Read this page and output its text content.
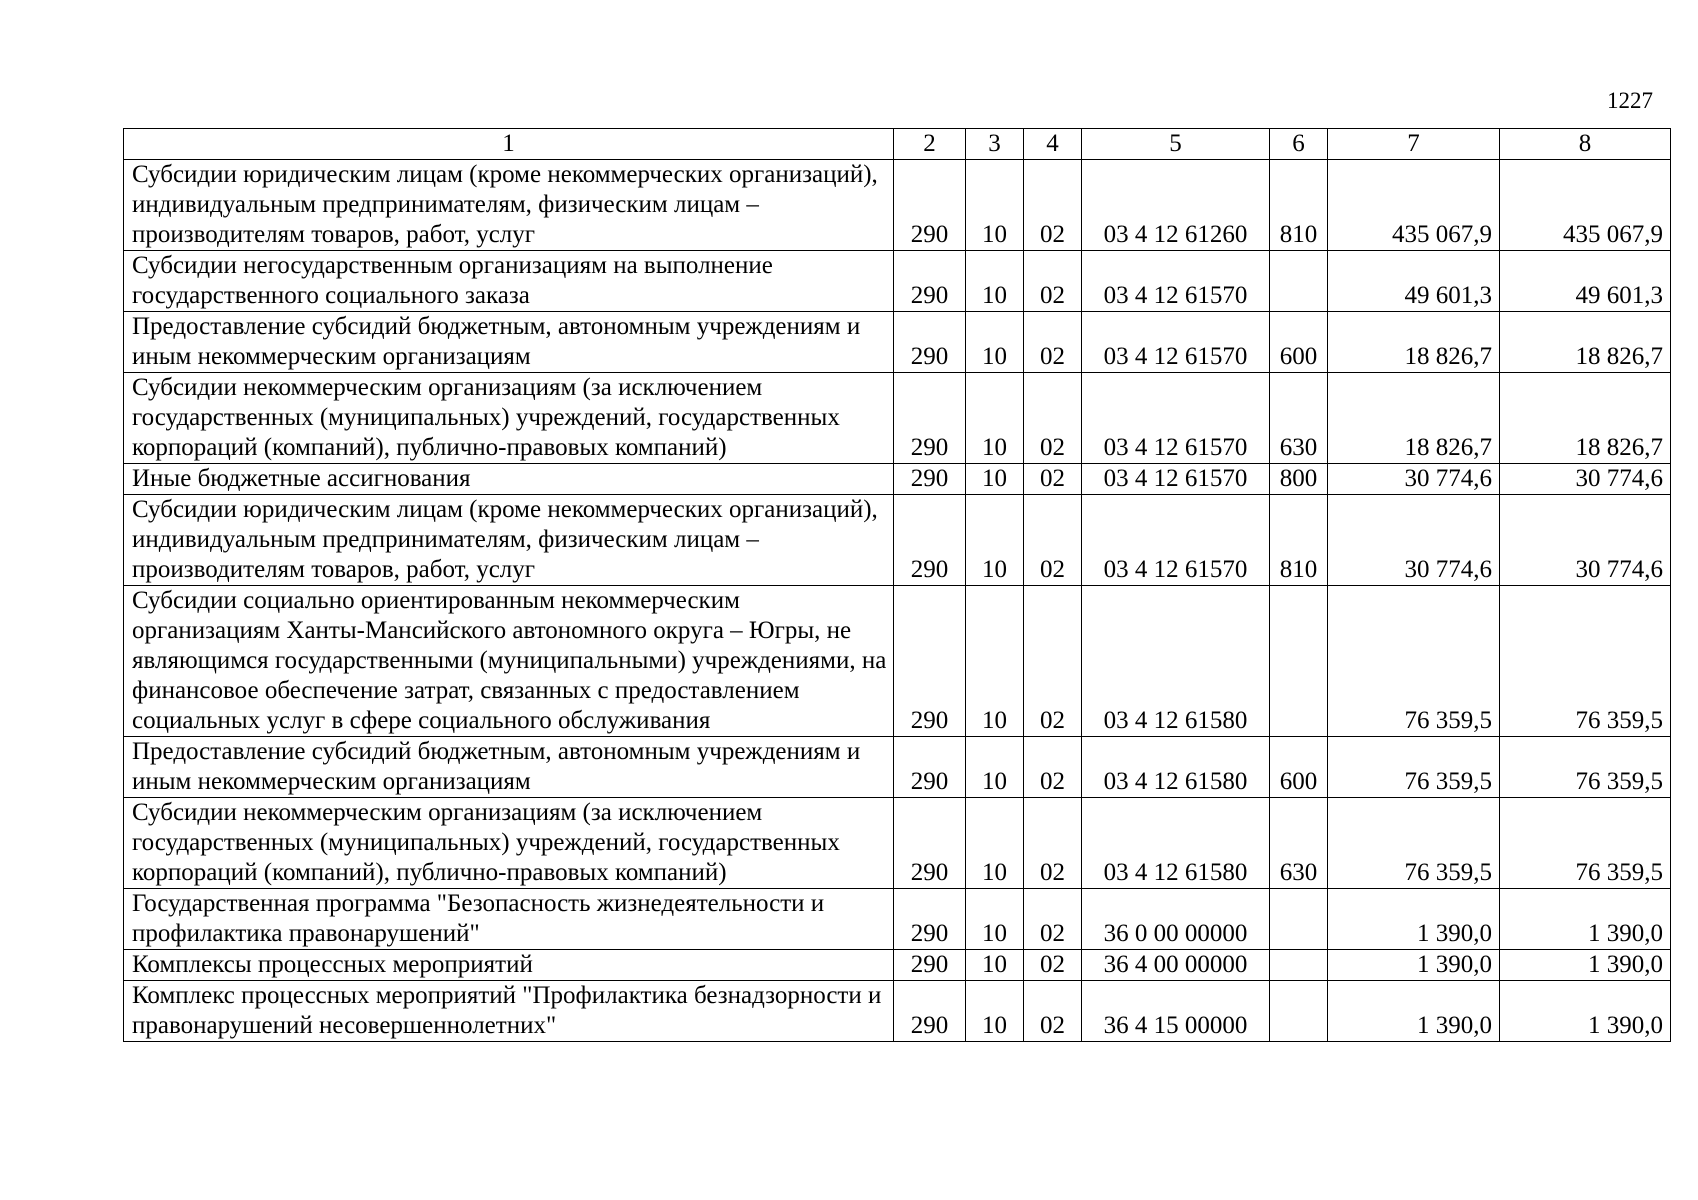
1227
1	2	3	4	5	6	7	8
Субсидии юридическим лицам (кроме некоммерческих организаций), индивидуальным предпринимателям, физическим лицам – производителям товаров, работ, услуг	290	10	02	03 4 12 61260	810	435 067,9	435 067,9
Субсидии негосударственным организациям на выполнение государственного социального заказа	290	10	02	03 4 12 61570		49 601,3	49 601,3
Предоставление субсидий бюджетным, автономным учреждениям и иным некоммерческим организациям	290	10	02	03 4 12 61570	600	18 826,7	18 826,7
Субсидии некоммерческим организациям (за исключением государственных (муниципальных) учреждений, государственных корпораций (компаний), публично-правовых компаний)	290	10	02	03 4 12 61570	630	18 826,7	18 826,7
Иные бюджетные ассигнования	290	10	02	03 4 12 61570	800	30 774,6	30 774,6
Субсидии юридическим лицам (кроме некоммерческих организаций), индивидуальным предпринимателям, физическим лицам – производителям товаров, работ, услуг	290	10	02	03 4 12 61570	810	30 774,6	30 774,6
Субсидии социально ориентированным некоммерческим организациям Ханты-Мансийского автономного округа – Югры, не являющимся государственными (муниципальными) учреждениями, на финансовое обеспечение затрат, связанных с предоставлением социальных услуг в сфере социального обслуживания	290	10	02	03 4 12 61580		76 359,5	76 359,5
Предоставление субсидий бюджетным, автономным учреждениям и иным некоммерческим организациям	290	10	02	03 4 12 61580	600	76 359,5	76 359,5
Субсидии некоммерческим организациям (за исключением государственных (муниципальных) учреждений, государственных корпораций (компаний), публично-правовых компаний)	290	10	02	03 4 12 61580	630	76 359,5	76 359,5
Государственная программа "Безопасность жизнедеятельности и профилактика правонарушений"	290	10	02	36 0 00 00000		1 390,0	1 390,0
Комплексы процессных мероприятий	290	10	02	36 4 00 00000		1 390,0	1 390,0
Комплекс процессных мероприятий "Профилактика безнадзорности и правонарушений несовершеннолетних"	290	10	02	36 4 15 00000		1 390,0	1 390,0
